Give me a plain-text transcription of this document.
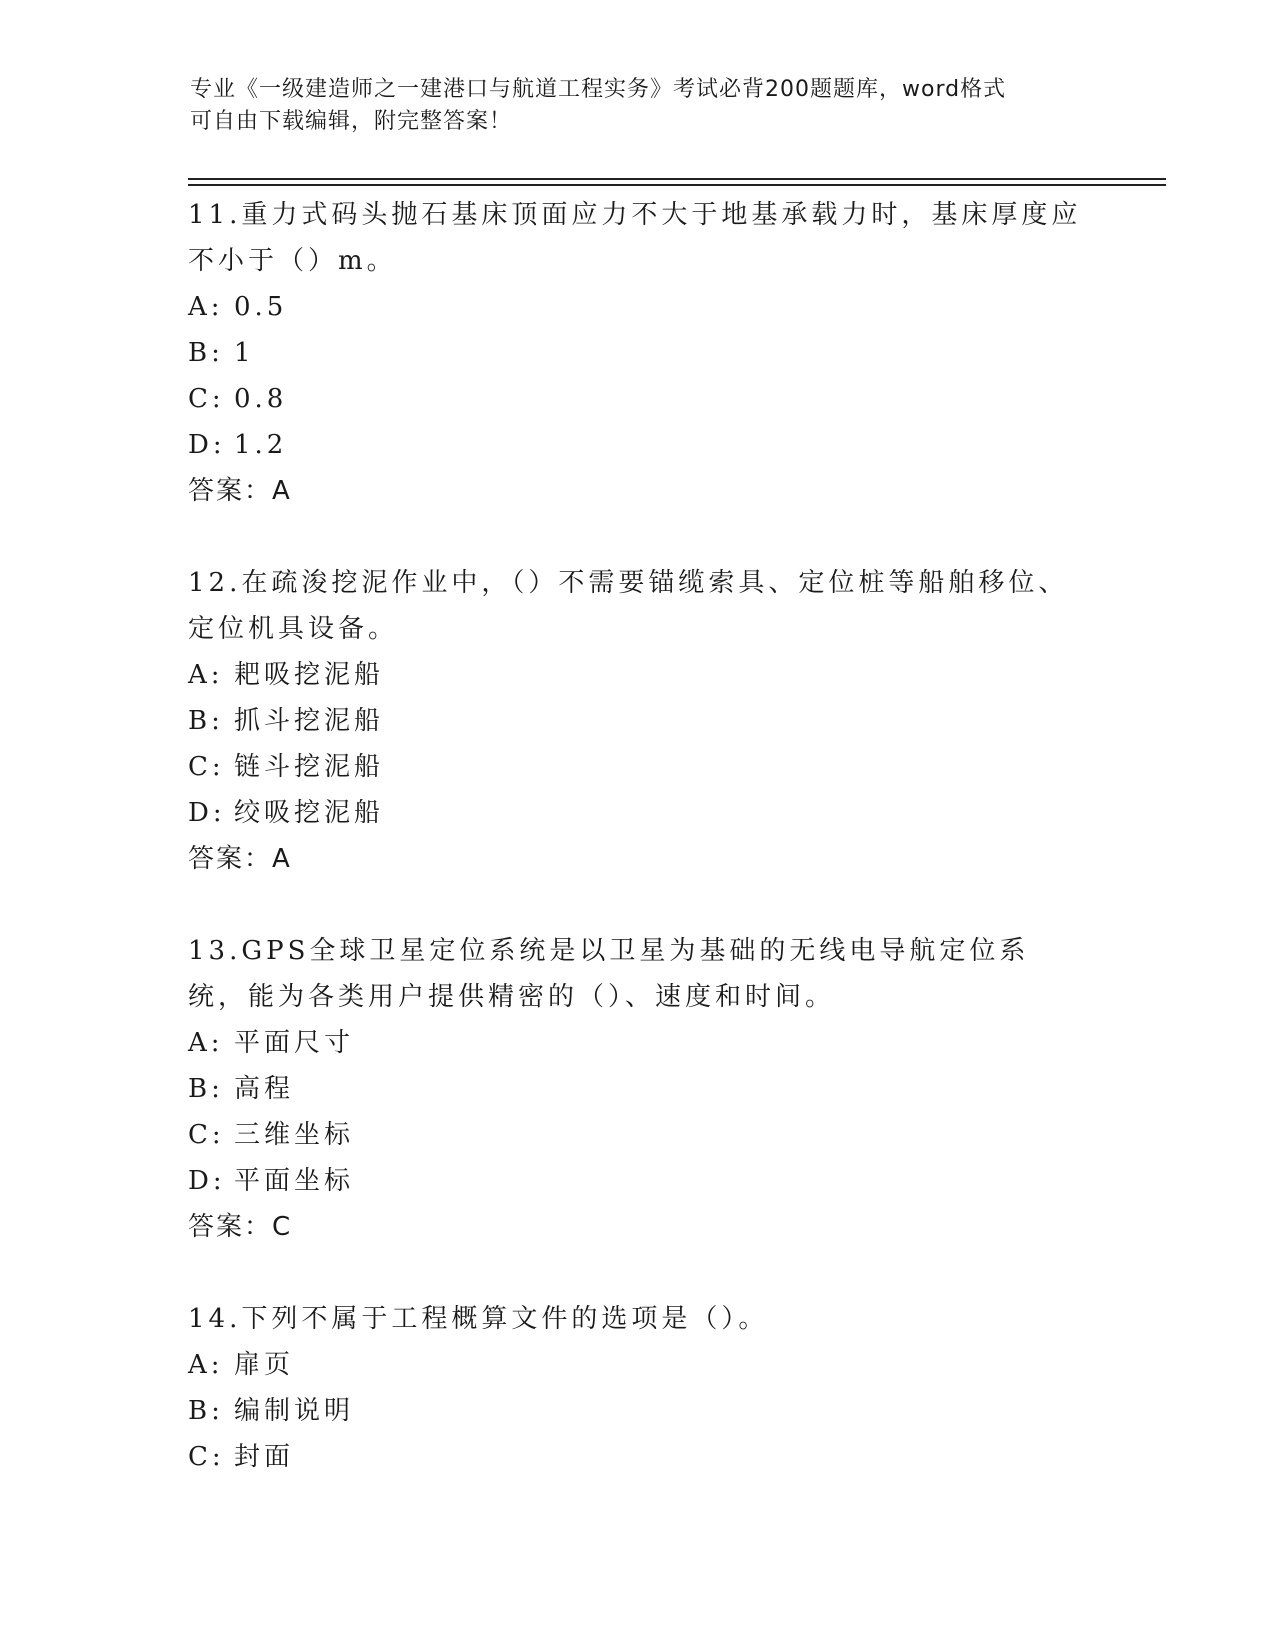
专业《一级建造师之一建港口与航道工程实务》考试必背200题题库，word格式
可自由下载编辑，附完整答案！

11.重力式码头抛石基床顶面应力不大于地基承载力时，基床厚度应不小于（）m。

A: 0.5
B: 1
C: 0.8
D: 1.2
答案：A

12.在疏浚挖泥作业中，（）不需要锚缆索具、定位桩等船舶移位、定位机具设备。

A: 耙吸挖泥船
B: 抓斗挖泥船
C: 链斗挖泥船
D: 绞吸挖泥船
答案：A

13.GPS全球卫星定位系统是以卫星为基础的无线电导航定位系统，能为各类用户提供精密的（）、速度和时间。

A: 平面尺寸
B: 高程
C: 三维坐标
D: 平面坐标
答案：C

14.下列不属于工程概算文件的选项是（）。

A: 扉页
B: 编制说明
C: 封面
